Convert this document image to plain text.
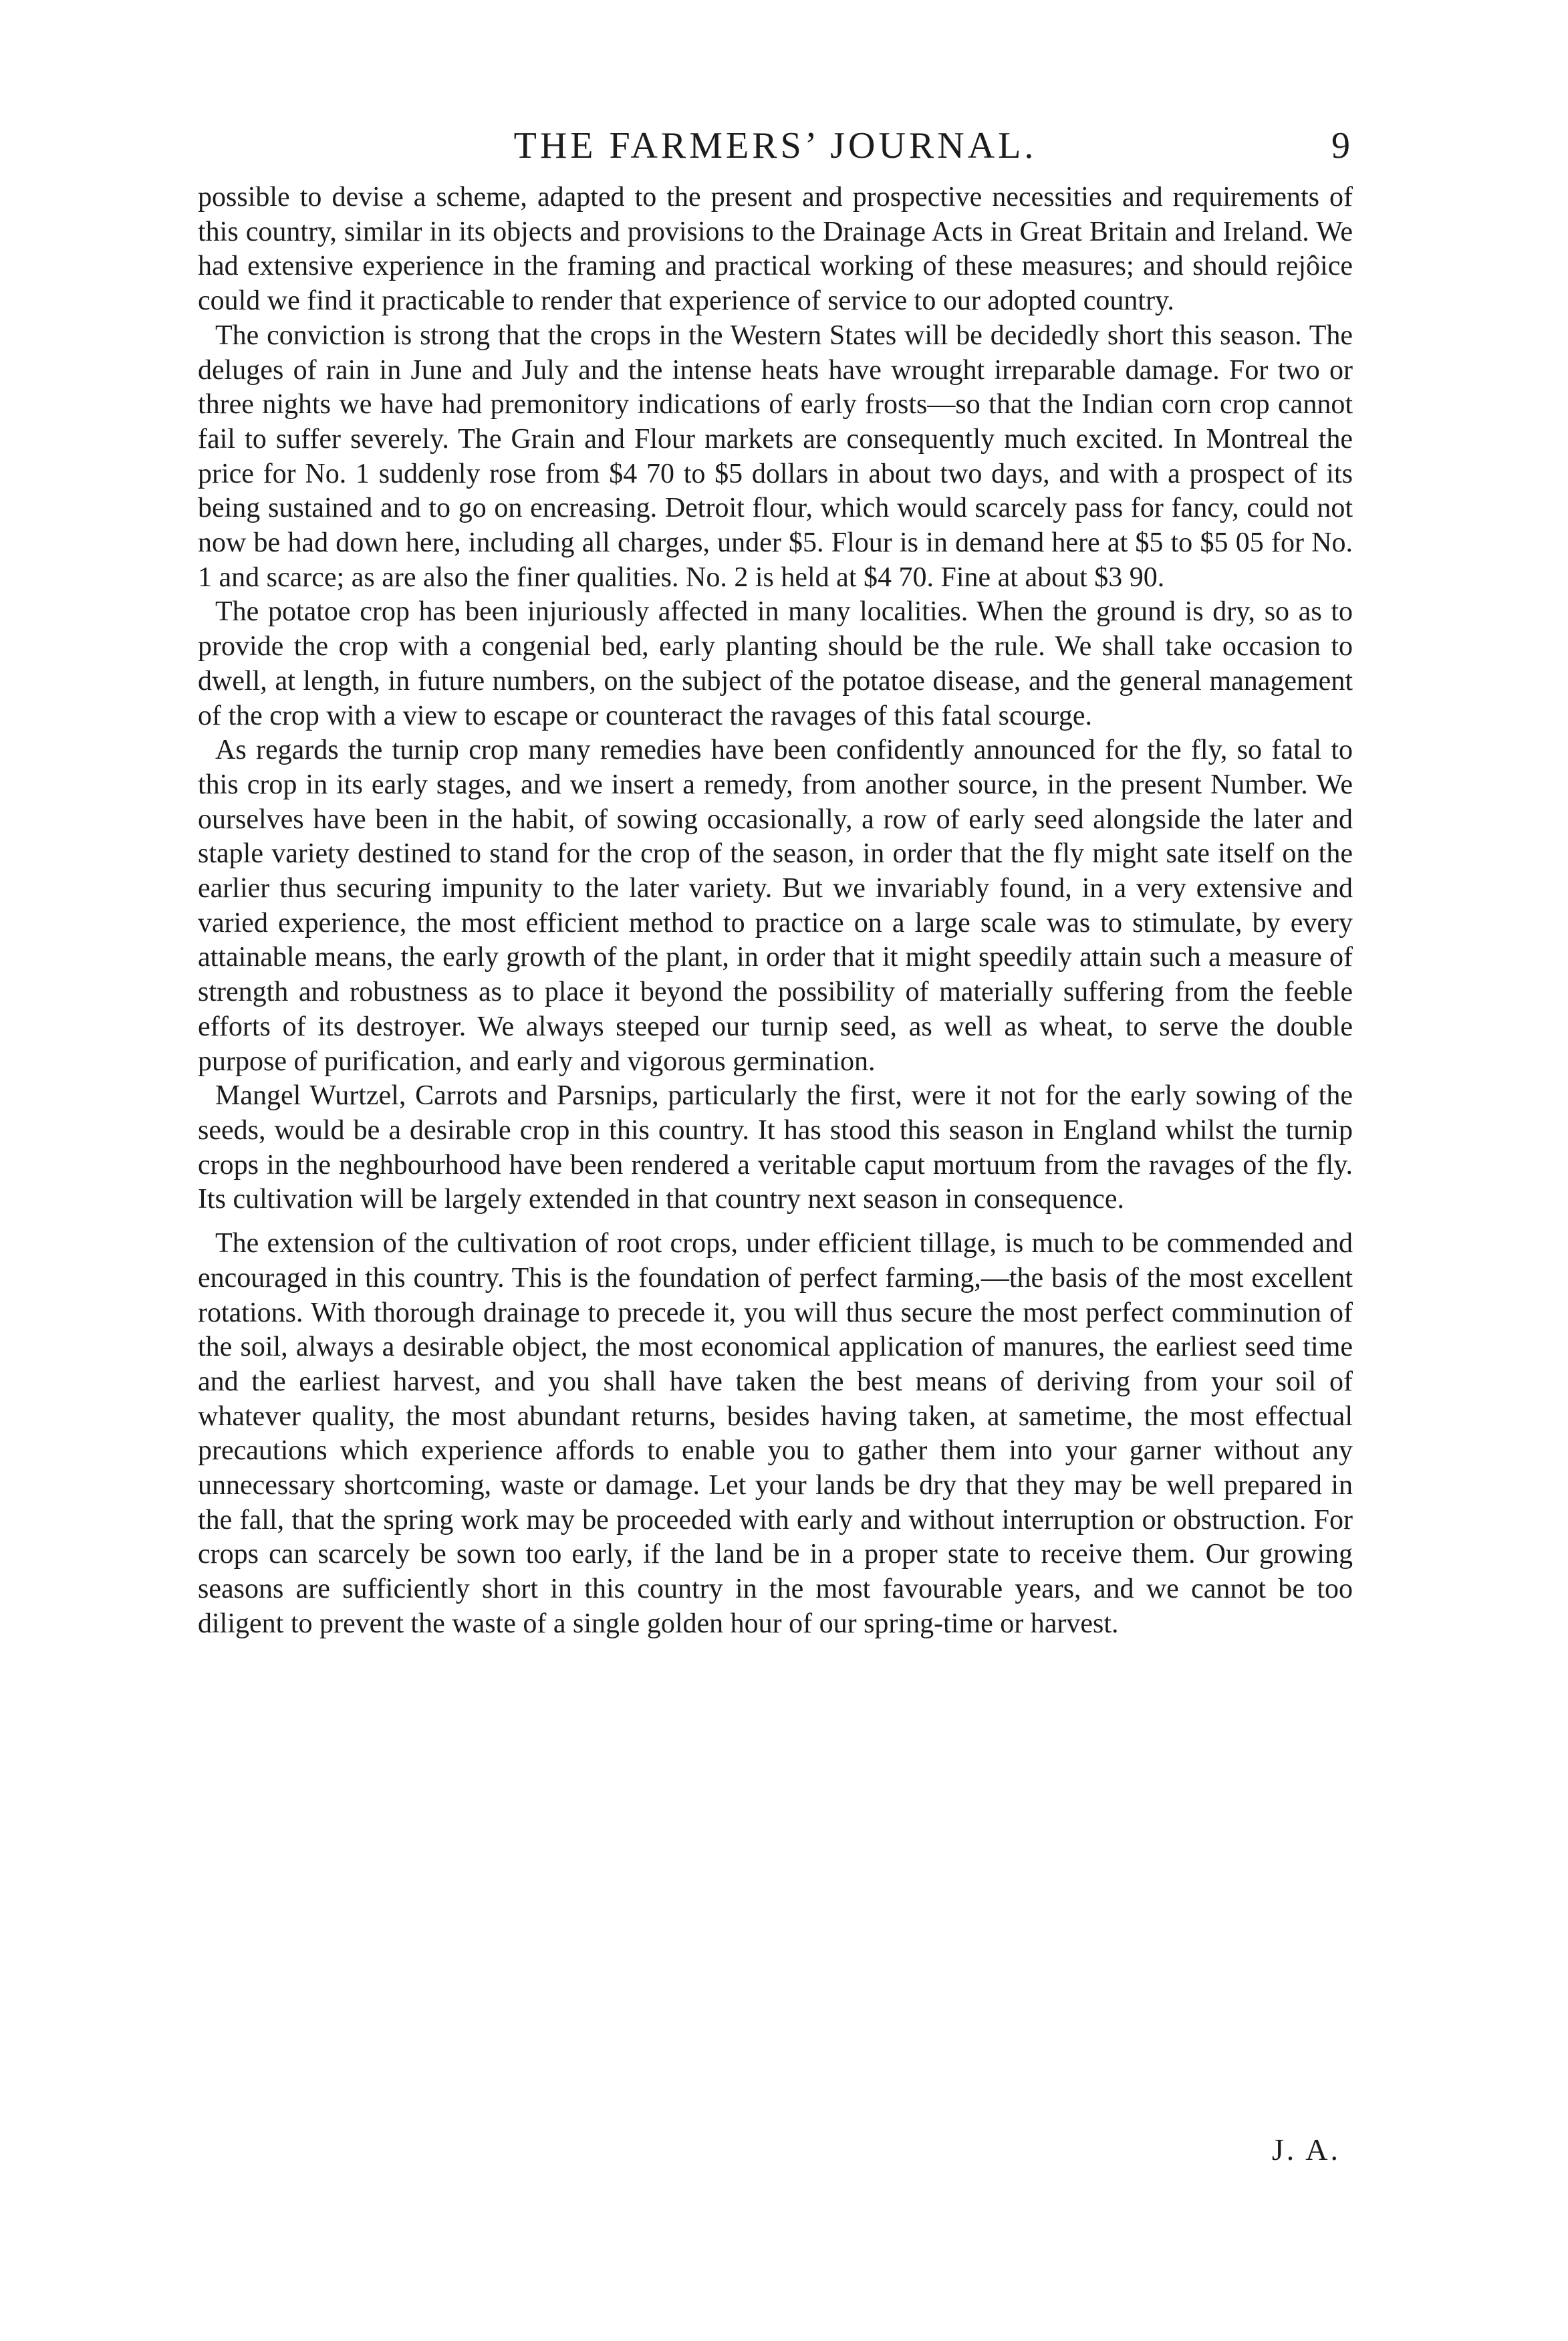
THE FARMERS’ JOURNAL.	9

possible to devise a scheme, adapted to the present and prospective necessities and requirements of this country, similar in its objects and provisions to the Drainage Acts in Great Britain and Ireland. We had extensive experience in the framing and practical working of these measures; and should rejôice could we find it practicable to render that experience of service to our adopted country.

The conviction is strong that the crops in the Western States will be decidedly short this season. The deluges of rain in June and July and the intense heats have wrought irreparable damage. For two or three nights we have had premonitory indications of early frosts—so that the Indian corn crop cannot fail to suffer severely. The Grain and Flour markets are consequently much excited. In Montreal the price for No. 1 suddenly rose from $4 70 to $5 dollars in about two days, and with a prospect of its being sustained and to go on encreasing. Detroit flour, which would scarcely pass for fancy, could not now be had down here, including all charges, under $5. Flour is in demand here at $5 to $5 05 for No. 1 and scarce; as are also the finer qualities. No. 2 is held at $4 70. Fine at about $3 90.

The potatoe crop has been injuriously affected in many localities. When the ground is dry, so as to provide the crop with a congenial bed, early planting should be the rule. We shall take occasion to dwell, at length, in future numbers, on the subject of the potatoe disease, and the general management of the crop with a view to escape or counteract the ravages of this fatal scourge.

As regards the turnip crop many remedies have been confidently announced for the fly, so fatal to this crop in its early stages, and we insert a remedy, from another source, in the present Number. We ourselves have been in the habit, of sowing occasionally, a row of early seed alongside the later and staple variety destined to stand for the crop of the season, in order that the fly might sate itself on the earlier thus securing impunity to the later variety. But we invariably found, in a very extensive and varied experience, the most efficient method to practice on a large scale was to stimulate, by every attainable means, the early growth of the plant, in order that it might speedily attain such a measure of strength and robustness as to place it beyond the possibility of materially suffering from the feeble efforts of its destroyer. We always steeped our turnip seed, as well as wheat, to serve the double purpose of purification, and early and vigorous germination.

Mangel Wurtzel, Carrots and Parsnips, particularly the first, were it not for the early sowing of the seeds, would be a desirable crop in this country. It has stood this season in England whilst the turnip crops in the neghbourhood have been rendered a veritable caput mortuum from the ravages of the fly. Its cultivation will be largely extended in that country next season in consequence.

The extension of the cultivation of root crops, under efficient tillage, is much to be commended and encouraged in this country. This is the foundation of perfect farming,—the basis of the most excellent rotations. With thorough drainage to precede it, you will thus secure the most perfect comminution of the soil, always a desirable object, the most economical application of manures, the earliest seed time and the earliest harvest, and you shall have taken the best means of deriving from your soil of whatever quality, the most abundant returns, besides having taken, at sametime, the most effectual precautions which experience affords to enable you to gather them into your garner without any unnecessary shortcoming, waste or damage. Let your lands be dry that they may be well prepared in the fall, that the spring work may be proceeded with early and without interruption or obstruction. For crops can scarcely be sown too early, if the land be in a proper state to receive them. Our growing seasons are sufficiently short in this country in the most favourable years, and we cannot be too diligent to prevent the waste of a single golden hour of our spring-time or harvest.

J. A.
